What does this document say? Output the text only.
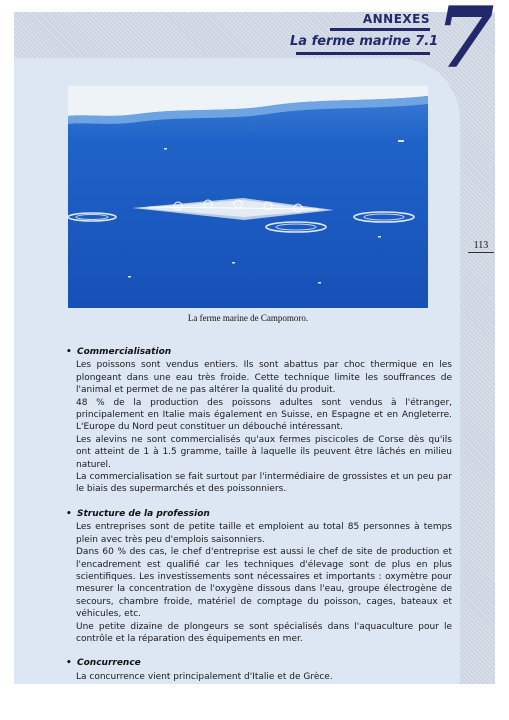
ANNEXES
La ferme marine 7.1
7
113
La ferme marine de Campomoro.
• Commercialisation
Les poissons sont vendus entiers. Ils sont abattus par choc thermique en les plongeant dans une eau très froide. Cette technique limite les souffrances de l'animal et permet de ne pas altérer la qualité du produit.
48 % de la production des poissons adultes sont vendus à l'étranger, principalement en Italie mais également en Suisse, en Espagne et en Angleterre. L'Europe du Nord peut constituer un débouché intéressant.
Les alevins ne sont commercialisés qu'aux fermes piscicoles de Corse dès qu'ils ont atteint de 1 à 1.5 gramme, taille à laquelle ils peuvent être lâchés en milieu naturel.
La commercialisation se fait surtout par l'intermédiaire de grossistes et un peu par le biais des supermarchés et des poissonniers.
• Structure de la profession
Les entreprises sont de petite taille et emploient au total 85 personnes à temps plein avec très peu d'emplois saisonniers.
Dans 60 % des cas, le chef d'entreprise est aussi le chef de site de production et l'encadrement est qualifié car les techniques d'élevage sont de plus en plus scientifiques. Les investissements sont nécessaires et importants : oxymètre pour mesurer la concentration de l'oxygène dissous dans l'eau, groupe électrogène de secours, chambre froide, matériel de comptage du poisson, cages, bateaux et véhicules, etc.
Une petite dizaine de plongeurs se sont spécialisés dans l'aquaculture pour le contrôle et la réparation des équipements en mer.
• Concurrence
La concurrence vient principalement d'Italie et de Grèce.
